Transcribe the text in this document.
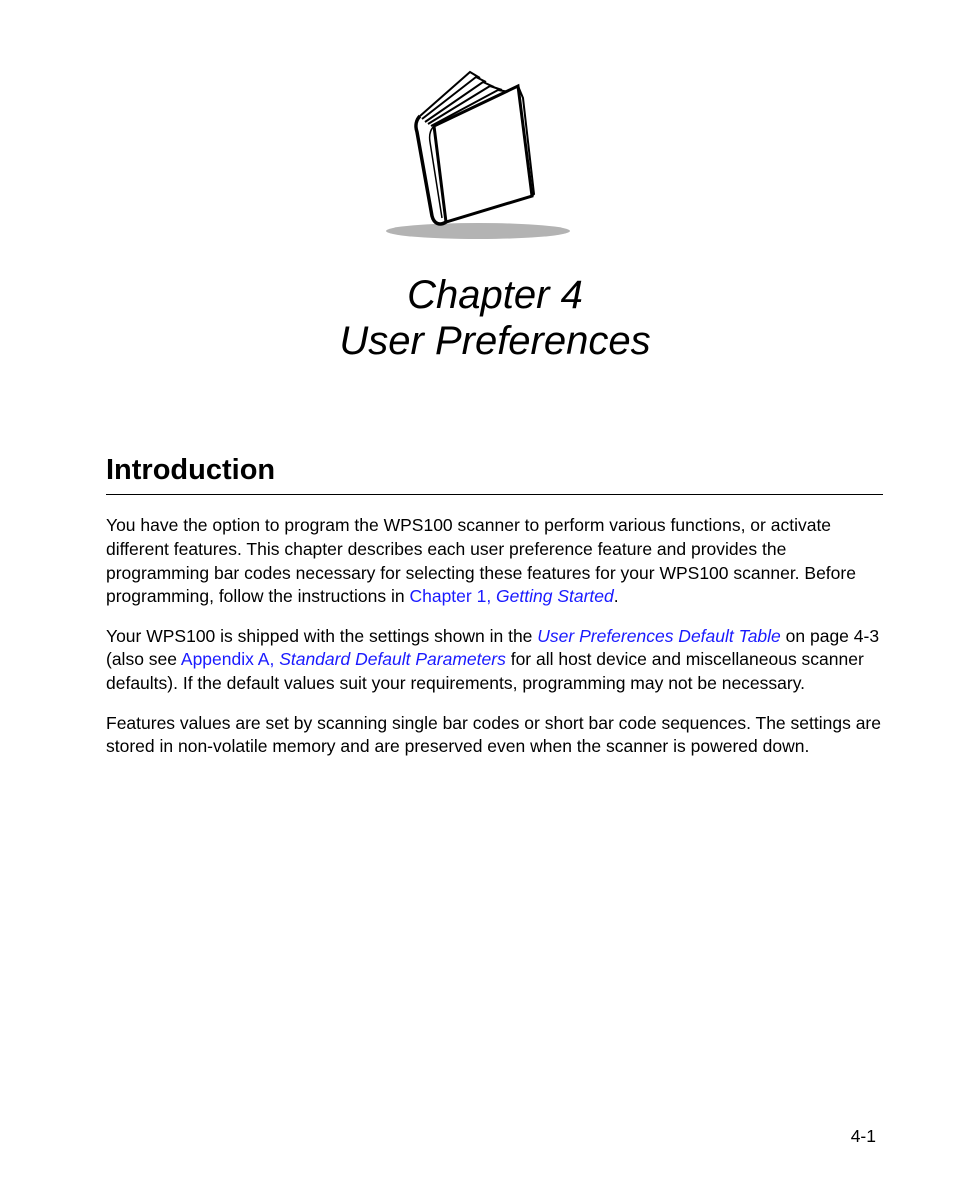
Chapter 4
User Preferences
Introduction

You have the option to program the WPS100 scanner to perform various functions, or activate different features. This chapter describes each user preference feature and provides the programming bar codes necessary for selecting these features for your WPS100 scanner. Before programming, follow the instructions in Chapter 1, Getting Started.

Your WPS100 is shipped with the settings shown in the User Preferences Default Table on page 4-3 (also see Appendix A, Standard Default Parameters for all host device and miscellaneous scanner defaults). If the default values suit your requirements, programming may not be necessary.

Features values are set by scanning single bar codes or short bar code sequences. The settings are stored in non-volatile memory and are preserved even when the scanner is powered down.

4-1
